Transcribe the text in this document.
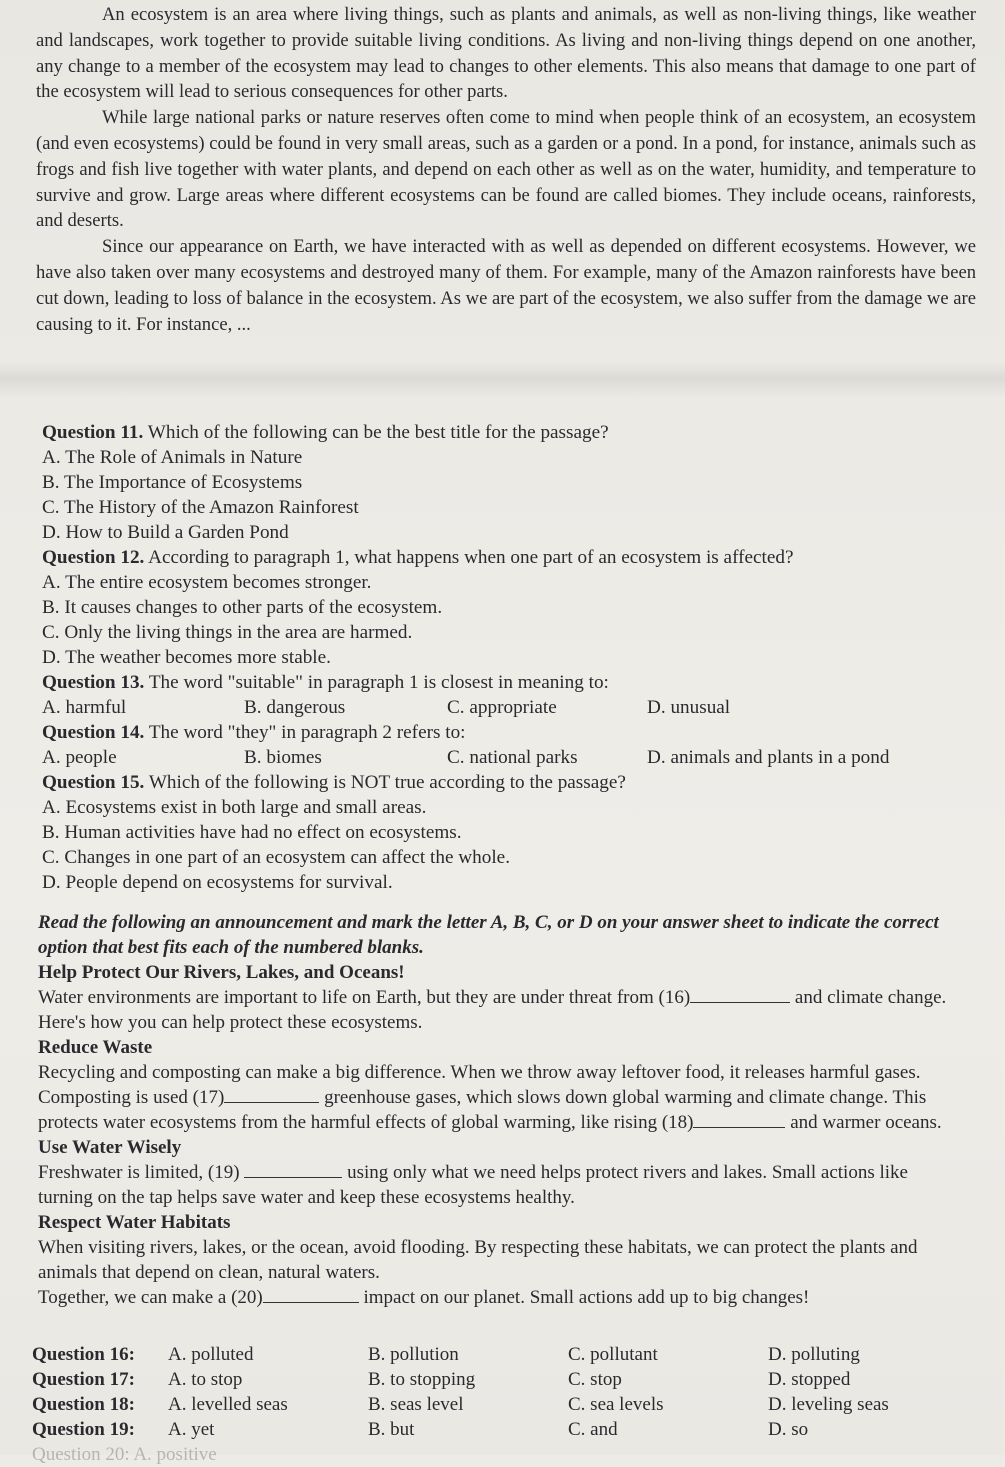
An ecosystem is an area where living things, such as plants and animals, as well as non-living things, like weather and landscapes, work together to provide suitable living conditions. As living and non-living things depend on one another, any change to a member of the ecosystem may lead to changes to other elements. This also means that damage to one part of the ecosystem will lead to serious consequences for other parts.

While large national parks or nature reserves often come to mind when people think of an ecosystem, an ecosystem (and even ecosystems) could be found in very small areas, such as a garden or a pond. In a pond, for instance, animals such as frogs and fish live together with water plants, and depend on each other as well as on the water, humidity, and temperature to survive and grow. Large areas where different ecosystems can be found are called biomes. They include oceans, rainforests, and deserts.

Since our appearance on Earth, we have interacted with as well as depended on different ecosystems. However, we have also taken over many ecosystems and destroyed many of them. For example, many of the Amazon rainforests have been cut down, leading to loss of balance in the ecosystem. As we are part of the ecosystem, we also suffer from the damage we are causing to it. For instance, ...

Question 11. Which of the following can be the best title for the passage?
A. The Role of Animals in Nature
B. The Importance of Ecosystems
C. The History of the Amazon Rainforest
D. How to Build a Garden Pond
Question 12. According to paragraph 1, what happens when one part of an ecosystem is affected?
A. The entire ecosystem becomes stronger.
B. It causes changes to other parts of the ecosystem.
C. Only the living things in the area are harmed.
D. The weather becomes more stable.
Question 13. The word "suitable" in paragraph 1 is closest in meaning to:
A. harmful	B. dangerous	C. appropriate	D. unusual
Question 14. The word "they" in paragraph 2 refers to:
A. people	B. biomes	C. national parks	D. animals and plants in a pond
Question 15. Which of the following is NOT true according to the passage?
A. Ecosystems exist in both large and small areas.
B. Human activities have had no effect on ecosystems.
C. Changes in one part of an ecosystem can affect the whole.
D. People depend on ecosystems for survival.
Read the following an announcement and mark the letter A, B, C, or D on your answer sheet to indicate the correct option that best fits each of the numbered blanks.
Help Protect Our Rivers, Lakes, and Oceans!
Water environments are important to life on Earth, but they are under threat from (16)	and climate change. Here's how you can help protect these ecosystems.
Reduce Waste
Recycling and composting can make a big difference. When we throw away leftover food, it releases harmful gases. Composting is used (17)	greenhouse gases, which slows down global warming and climate change. This protects water ecosystems from the harmful effects of global warming, like rising (18)	and warmer oceans.
Use Water Wisely
Freshwater is limited, (19)	using only what we need helps protect rivers and lakes. Small actions like turning on the tap helps save water and keep these ecosystems healthy.
Respect Water Habitats
When visiting rivers, lakes, or the ocean, avoid flooding. By respecting these habitats, we can protect the plants and animals that depend on clean, natural waters.
Together, we can make a (20)	impact on our planet. Small actions add up to big changes!
Question 16:	A. polluted	B. pollution	C. pollutant	D. polluting
Question 17:	A. to stop	B. to stopping	C. stop	D. stopped
Question 18:	A. levelled seas	B. seas level	C. sea levels	D. leveling seas
Question 19:	A. yet	B. but	C. and	D. so
Question 20: A. positive
